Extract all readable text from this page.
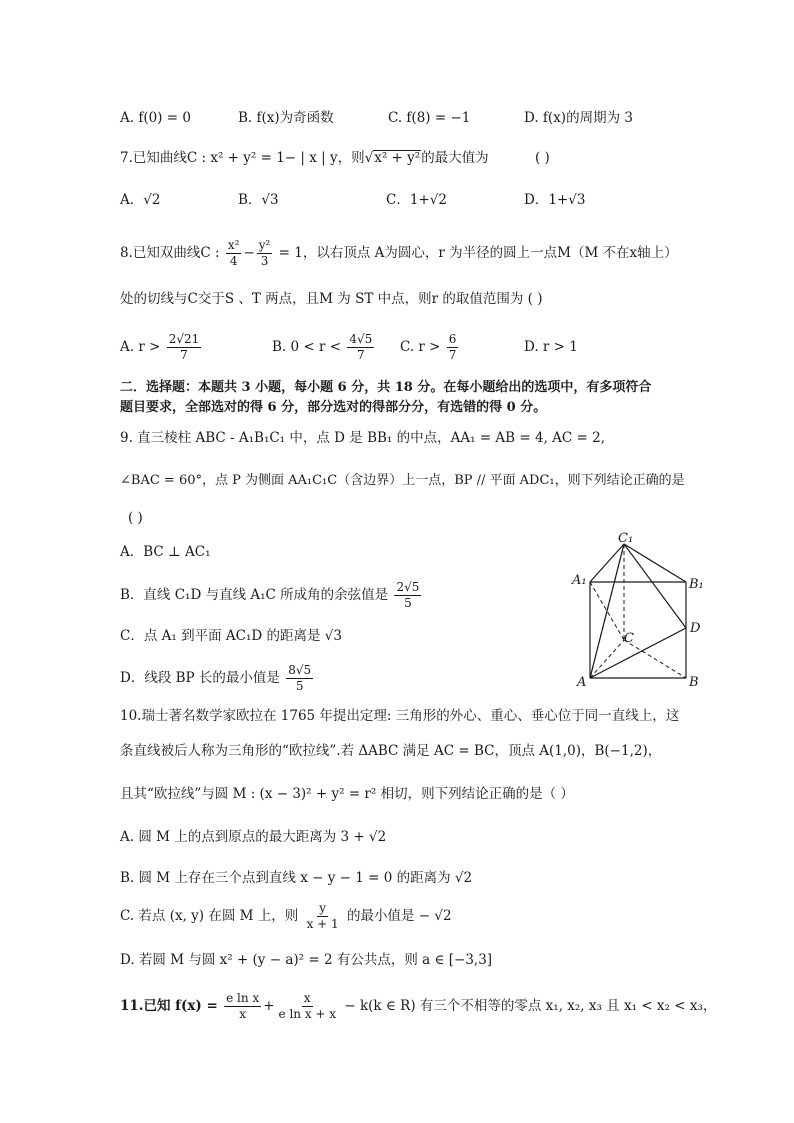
A. f(0) = 0	B. f(x)为奇函数	C. f(8) = −1	D. f(x)的周期为 3
7.已知曲线C : x² + y² = 1− | x | y，则√x² + y²的最大值为	( )
A．√2	B．√3	C．1+√2	D．1+√3
8.已知双曲线C : $\frac{\text{x²}}{4} - \frac{\text{y²}}{3} = 1$，以右顶点 A为圆心，r 为半径的圆上一点M（M 不在x轴上）
处的切线与C交于S 、T 两点，且M 为 ST 中点，则r 的取值范围为 ( )
A. $r > \frac{2√21}{7}$	B. $0 < r < \frac{4√5}{7} C$. $r > \frac{6}{7}$	D. r > 1
二．选择题：本题共 3 小题，每小题 6 分，共 18 分。在每小题给出的选项中，有多项符合
题目要求，全部选对的得 6 分，部分选对的得部分分，有选错的得 0 分。
9. 直三棱柱 ABC - A₁B₁C₁ 中，点 D 是 BB₁ 的中点，AA₁ = AB = 4, AC = 2,
∠BAC = 60°，点 P 为侧面 AA₁C₁C（含边界）上一点，BP // 平面 ADC₁，则下列结论正确的是
( )
A．BC ⊥ AC₁
B．直线 C₁D 与直线 A₁C 所成角的余弦值是 $\frac{2√5}{5}$
C．点 A₁ 到平面 AC₁D 的距离是 √3
D．线段 BP 长的最小值是 $\frac{8√5}{5}$
C₁
A₁	B₁
D
C
A	B
10.瑞士著名数学家欧拉在 1765 年提出定理: 三角形的外心、重心、垂心位于同一直线上，这
条直线被后人称为三角形的“欧拉线”.若 ΔABC 满足 AC = BC，顶点 A(1,0)，B(−1,2)，
且其“欧拉线”与圆 M : (x − 3)² + y² = r² 相切，则下列结论正确的是（ ）
A. 圆 M 上的点到原点的最大距离为 3 + √2
B. 圆 M 上存在三个点到直线 x − y − 1 = 0 的距离为 √2
C. 若点 (x, y) 在圆 M 上，则 $\frac{y}{x + 1}$ 的最小值是 − √2
D. 若圆 M 与圆 x² + (y − a)² = 2 有公共点，则 a ∈ [−3,3]
11.已知 $f(x) = \frac{\text{e ln x}}{x} + \frac{x}{\text{e ln x + x}} - k(k$ ∈ R) 有三个不相等的零点 x₁, x₂, x₃ 且 x₁ < x₂ < x₃，
